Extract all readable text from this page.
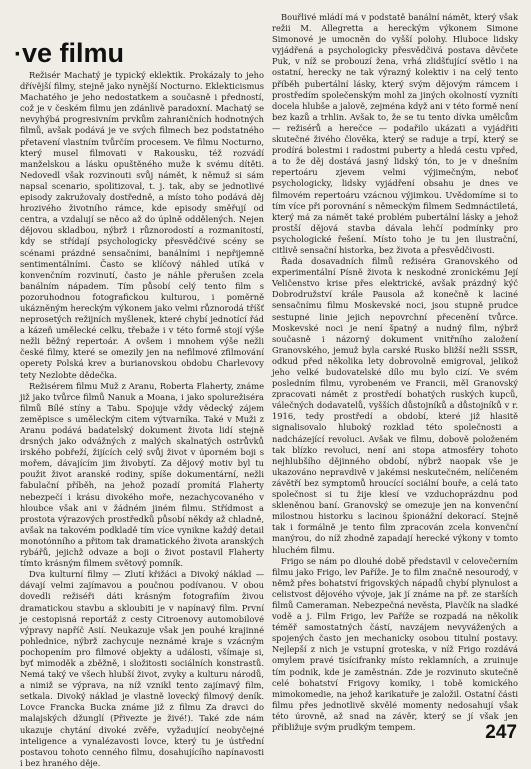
·ve filmu

Režisér Machatý je typický eklektik. Prokázaly to jeho dřívější filmy, stejně jako nynější Nocturno. Eklekticismus Machatého je jeho nedostatkem a současně i předností, což je v českém filmu jen zdánlivě paradoxní. Machatý se nevyhýbá progresivním prvkům zahraničních hodnotných filmů, avšak podává je ve svých filmech bez podstatného přetavení vlastním tvůrčím procesem. Ve filmu Nocturno, který musel filmovati v Rakousku, též rozvádí manželskou a lásku opuštěného muže k svému dítěti. Nedovedl však rozvinouti svůj námět, k němuž si sám napsal scenario, spolitizoval, t. j. tak, aby se jednotlivé episody zakružovaly dostředně, a místo toho podává děj hrozivého životního rámce, kde episody směřují od centra, a vzdalují se něco až do úplně oddělených. Nejen dějovou skladbou, nýbrž i různorodostí a rozmanitostí, kdy se střídají psychologicky přesvědčivé scény se scénami prázdné sensačními, banálními i nepřijemně sentimentálními. Často se klíčový náhled utíká v konvenčním rozvinutí, často je náhle přerušen zcela banálním nápadem. Tím působí celý tento film s pozoruhodnou fotografickou kulturou, i poměrně ukázněným hereckým výkonem jako velmi různorodá tříšť neprosetých režijních myšlenek, které chybí jednotící řád a kázeň umělecké celku, třebaže i v této formě stojí výše nežli běžný repertoár. A ovšem i mnohem výše nežli české filmy, které se omezily jen na nefilmové zfilmování operety Polská krev a burianovskou obdobu Charlevovy tety Nezlobte dědečka.

Režisérem filmu Muž z Aranu, Roberta Flaherty, známe již jako tvůrce filmů Nanuk a Moana, i jako spolurežiséra filmů Bílé stíny a Tabu. Spojuje vždy vědecký zájem zeměpisce s uměleckým citem výtvarníka. Také v Muži z Aranu podává badatelský dokument života lidí stejně drsných jako odvážných z malých skalnatých ostrůvků irského pobřeží, žijících celý svůj život v úporném boji s mořem, dávajícím jim živobytí. Za dějový motiv byl tu použit život aranské rodiny, spíše dokumentární, nežli fabulační příběh, na jehož pozadí promítá Flaherty nebezpečí i krásu divokého moře, nezachycovaného v hloubce však ani v žádném jiném filmu. Střídmost a prostota výrazových prostředků působí někdy až chladně, avšak na takovém podkladě tím více vynikne každý detail monotónního a přitom tak dramatického života aranských rybářů, jejichž odvaze a boji o život postavil Flaherty tímto krásným filmem světový pomník.

Dva kulturní filmy — Zlutí křižáci a Divoký náklad — dávají velmi zajímavou a poučnou podívanou. V obou dovedli režiséři dáti krásným fotografiím živou dramatickou stavbu a skloubiti je v napínavý film. První je cestopisná reportáž z cesty Citroenovy automobilové výpravy napříč Asií. Neukazuje však jen pouhé krajinné pohlednice, nýbrž zachycuje neznámé kraje s vzácným pochopením pro filmové objekty a události, všímaje si, byť mimoděk a zběžně, i složitosti sociálních konstrastů. Nemá taký ve všech hlubší život, zvyky a kulturu národů, a nimiž se výprava, na níž vznikl tento zajímavý film, setkala. Divoký náklad je vlastně lovecký filmový deník. Lovce Francka Bucka známe již z filmu Za dravci do malajských džunglí (Přivezte je živé!). Také zde nám ukazuje chytání divoké zvěře, vyžadující neobyčejné inteligence a vynalézavosti lovce, který tu je ústřední postavou tohoto cenného filmu, dosahujícího napínavosti i bez hraného děje.

Bouřlivé mládí má v podstatě banální námět, který však režii M. Allegretta a hereckým výkonem Simone Simonové je umocněn do vyšší polohy. Hluboce lidsky vyjádřená a psychologicky přesvědčivá postava děvčete Puk, v níž se probouzí žena, vrhá zlidšťující světlo i na ostatní, herecky ne tak výrazný kolektiv i na celý tento příběh pubertální lásky, který svým dějovým rámcem i prostředím společenským mohl za jiných okolností vyzníti docela hlubše a jalově, zejména když ani v této formě není bez kazů a trhlin. Avšak to, že se tu tento dívka umělcům — režisérů a herečce — podařilo ukázati a vyjádřiti skutečné živého člověka, který se raduje a trpí, který se prodírá bolestmi i radostmi puberty a hledá cestu vpřed, a to že děj dostává jasný lidský tón, to je v dnešním repertoáru zjevem velmi výjimečným, neboť psychologicky, lidsky vyjádření obsahu je dnes ve filmovém repertoáru vzácnou výjimkou. Uvědomíme si to tím více při porovnání s německým filmem Sedmnáctiletá, který má za námět také problém pubertální lásky a jehož prostší dějová stavba dávala lehčí podmínky pro psychologické řešení. Místo toho je tu jen ilustrační, citlivě sensační historka, bez života a přesvědčivosti.

Řada dosavadních filmů režiséra Granovského od experimentální Písně života k neskodné zronickému Její Veličenstvo krise přes elektrické, avšak prázdný kýč Dobrodružství krále Pausola až konečně k laciné sensačnímu filmu Moskevské noci, jsou stupně prudce sestupné linie jejich nepovrchní přecenění tvůrce. Moskevské noci je není špatný a nudný film, nýbrž současně i názorný dokument vnitřního založení Granovského, jemuž byla carské Rusko bližší nežli SSSR, odkud před několika lety dobrovolně emigroval, jelikož jeho velké budovatelské dílo mu bylo cizí. Ve svém posledním filmu, vyrobeném ve Francii, měl Granovský zpracovati námět z prostředí bohatých ruských kupců, válečných dodavatelů, vyšších důstojníků a důstojníků v r. 1916, tedy prostředí a období, které již hlasitě signalisovalo hluboký rozklad této společnosti a nadcházející revoluci. Avšak ve filmu, dobově položeném tak blízko revoluci, není ani stopa atmosféry tohoto nejhlubšího dějinného období, nýbrž naopak vše je ukazováno nepravdivě v jakémsi neskutečném, nelíčeném závětří bez symptomů hroucící sociální bouře, a celá tato společnost si tu žije klesí ve vzduchoprázdnu pod skleněnou baní. Granovský se omezuje jen na konvenční milostnou historku s lacinou špionážní dekorací. Stejně tak i formálně je tento film zpracován zcela konvenční manýrou, do níž zhodně zapadají herecké výkony v tomto hluchém filmu.

Frigo se nám po dlouhé době představil v celovečerním filmu jako Frigo, lev Paříže. Je to film značně nesourodý, v němž přes bohatství frigovských nápadů chybí plynulost a celistvost dějového vývoje, jak jí známe na př. ze starších filmů Cameraman. Nebezpečná nevěsta, Plavčík na sladké vodě a j. Film Frigo, lev Paříže se rozpadá na několik téměř samostatných částí, navzájem nevyvážených a spojených často jen mechanicky osobou titulní postavy. Nejlepší z nich je vstupní groteska, v níž Frigo rozdává omylem pravé tisícifranky místo reklamních, a zruinuje tím podnik, kde je zaměstnán. Zde je rozvinuto skutečně celé bohatství Frigovy komiky, i tobě komického mimokomedie, na jehož karikatuře je založil. Ostatní části filmu přes jednotlivě skvělé momenty nedosahují však této úrovně, až snad na závěr, který se jí však jen přibližuje svým prudkým tempem.	247
